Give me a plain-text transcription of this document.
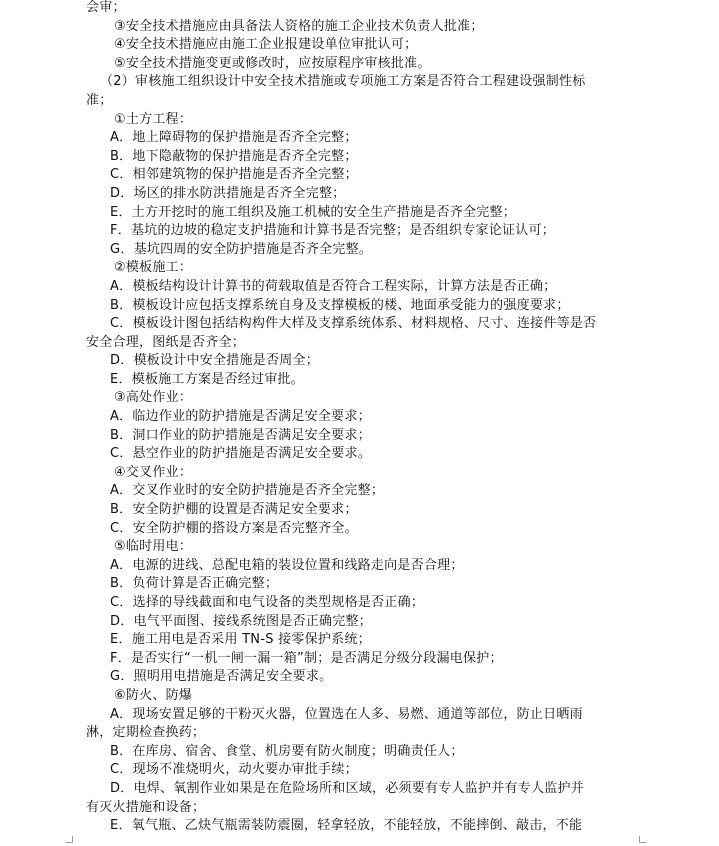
会审；
③安全技术措施应由具备法人资格的施工企业技术负责人批准；
④安全技术措施应由施工企业报建设单位审批认可；
⑤安全技术措施变更或修改时，应按原程序审核批准。
（2）审核施工组织设计中安全技术措施或专项施工方案是否符合工程建设强制性标
准；
①土方工程：
A．地上障碍物的保护措施是否齐全完整；
B．地下隐蔽物的保护措施是否齐全完整；
C．相邻建筑物的保护措施是否齐全完整；
D．场区的排水防洪措施是否齐全完整；
E．土方开挖时的施工组织及施工机械的安全生产措施是否齐全完整；
F．基坑的边坡的稳定支护措施和计算书是否完整；是否组织专家论证认可；
G．基坑四周的安全防护措施是否齐全完整。
②模板施工：
A．模板结构设计计算书的荷载取值是否符合工程实际，计算方法是否正确；
B．模板设计应包括支撑系统自身及支撑模板的楼、地面承受能力的强度要求；
C．模板设计图包括结构构件大样及支撑系统体系、材料规格、尺寸、连接件等是否
安全合理，图纸是否齐全；
D．模板设计中安全措施是否周全；
E．模板施工方案是否经过审批。
③高处作业：
A．临边作业的防护措施是否满足安全要求；
B．洞口作业的防护措施是否满足安全要求；
C．悬空作业的防护措施是否满足安全要求。
④交叉作业：
A．交叉作业时的安全防护措施是否齐全完整；
B．安全防护棚的设置是否满足安全要求；
C．安全防护棚的搭设方案是否完整齐全。
⑤临时用电：
A．电源的进线、总配电箱的装设位置和线路走向是否合理；
B．负荷计算是否正确完整；
C．选择的导线截面和电气设备的类型规格是否正确；
D．电气平面图、接线系统图是否正确完整；
E．施工用电是否采用 TN-S 接零保护系统；
F．是否实行“一机一闸一漏一箱”制；是否满足分级分段漏电保护；
G．照明用电措施是否满足安全要求。
⑥防火、防爆
A．现场安置足够的干粉灭火器，位置选在人多、易燃、通道等部位，防止日晒雨
淋，定期检查换药；
B．在库房、宿舍、食堂、机房要有防火制度；明确责任人；
C．现场不准烧明火，动火要办审批手续；
D．电焊、氧割作业如果是在危险场所和区域，必须要有专人监护并有专人监护并
有灭火措施和设备；
E．氧气瓶、乙炔气瓶需装防震圈，轻拿轻放，不能轻放，不能摔倒、敲击，不能
